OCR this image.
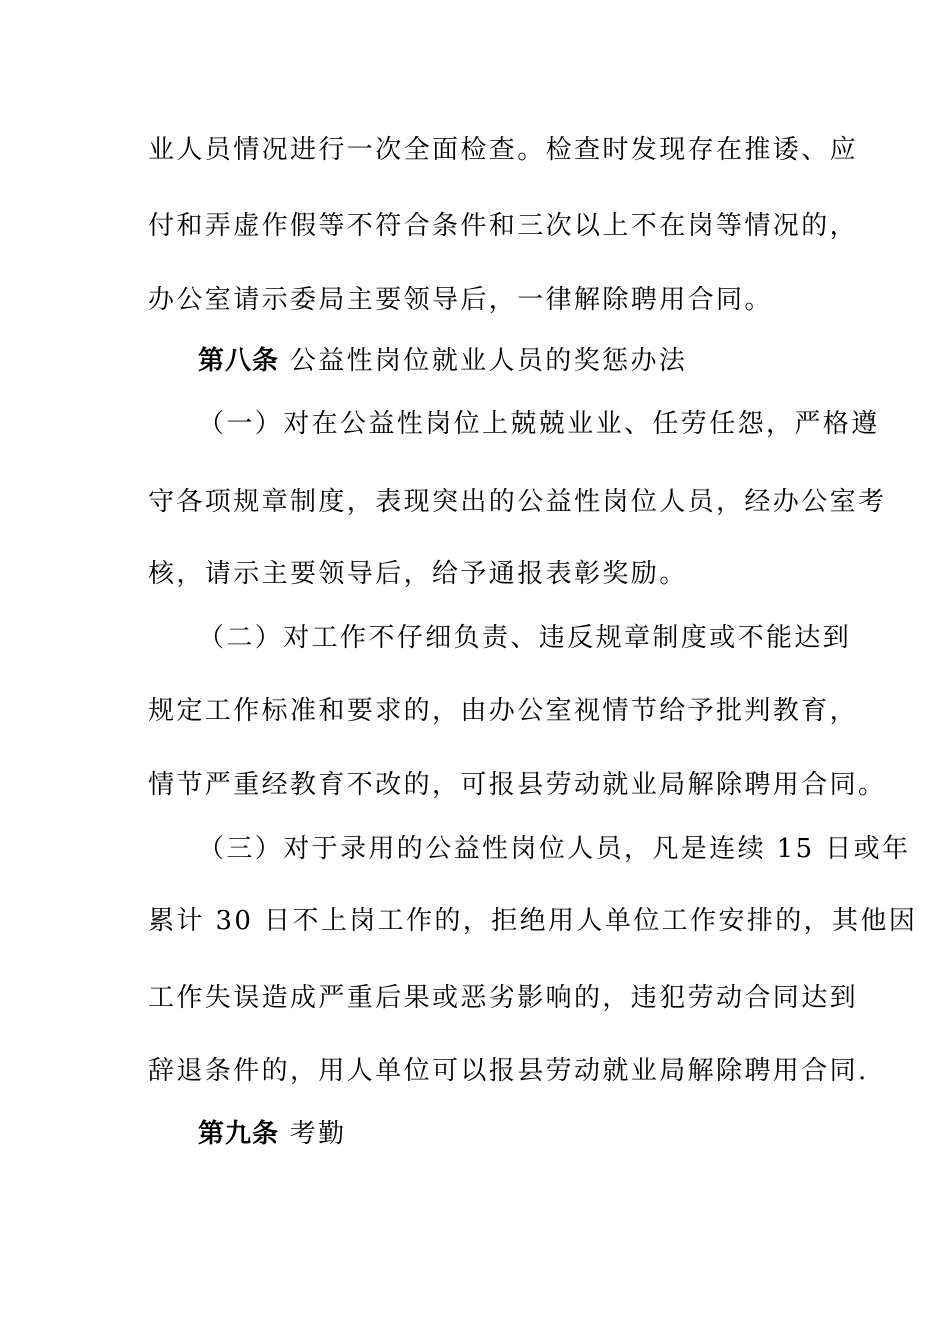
业人员情况进行一次全面检查。检查时发现存在推诿、应
付和弄虚作假等不符合条件和三次以上不在岗等情况的，
办公室请示委局主要领导后，一律解除聘用合同。
第八条 公益性岗位就业人员的奖惩办法
（一）对在公益性岗位上兢兢业业、任劳任怨，严格遵
守各项规章制度，表现突出的公益性岗位人员，经办公室考
核，请示主要领导后，给予通报表彰奖励。
（二）对工作不仔细负责、违反规章制度或不能达到
规定工作标准和要求的，由办公室视情节给予批判教育，
情节严重经教育不改的，可报县劳动就业局解除聘用合同。
（三）对于录用的公益性岗位人员，凡是连续 15 日或年
累计 30 日不上岗工作的，拒绝用人单位工作安排的，其他因
工作失误造成严重后果或恶劣影响的，违犯劳动合同达到
辞退条件的，用人单位可以报县劳动就业局解除聘用合同.
第九条 考勤
